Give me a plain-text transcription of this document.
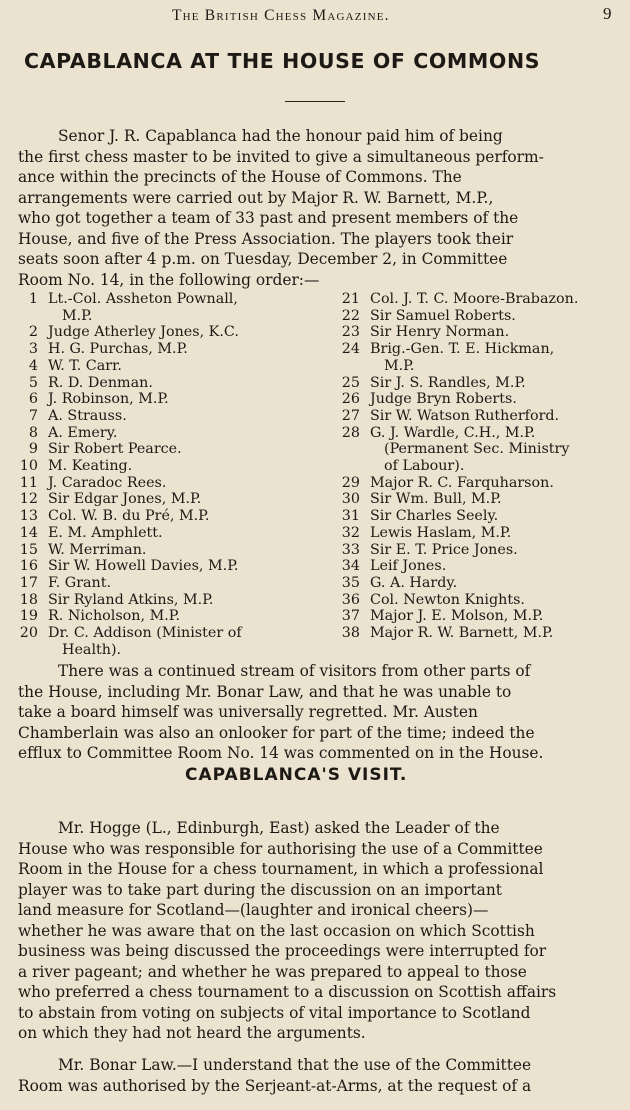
The British Chess Magazine.	9
CAPABLANCA AT THE HOUSE OF COMMONS
Senor J. R. Capablanca had the honour paid him of being
the first chess master to be invited to give a simultaneous perform-
ance within the precincts of the House of Commons. The
arrangements were carried out by Major R. W. Barnett, M.P.,
who got together a team of 33 past and present members of the
House, and five of the Press Association. The players took their
seats soon after 4 p.m. on Tuesday, December 2, in Committee
Room No. 14, in the following order:—
1 Lt.-Col. Assheton Pownall,
M.P.
2 Judge Atherley Jones, K.C.
3 H. G. Purchas, M.P.
4 W. T. Carr.
5 R. D. Denman.
6 J. Robinson, M.P.
7 A. Strauss.
8 A. Emery.
9 Sir Robert Pearce.
10 M. Keating.
11 J. Caradoc Rees.
12 Sir Edgar Jones, M.P.
13 Col. W. B. du Pré, M.P.
14 E. M. Amphlett.
15 W. Merriman.
16 Sir W. Howell Davies, M.P.
17 F. Grant.
18 Sir Ryland Atkins, M.P.
19 R. Nicholson, M.P.
20 Dr. C. Addison (Minister of
Health).
21 Col. J. T. C. Moore-Brabazon.
22 Sir Samuel Roberts.
23 Sir Henry Norman.
24 Brig.-Gen. T. E. Hickman,
M.P.
25 Sir J. S. Randles, M.P.
26 Judge Bryn Roberts.
27 Sir W. Watson Rutherford.
28 G. J. Wardle, C.H., M.P.
(Permanent Sec. Ministry
of Labour).
29 Major R. C. Farquharson.
30 Sir Wm. Bull, M.P.
31 Sir Charles Seely.
32 Lewis Haslam, M.P.
33 Sir E. T. Price Jones.
34 Leif Jones.
35 G. A. Hardy.
36 Col. Newton Knights.
37 Major J. E. Molson, M.P.
38 Major R. W. Barnett, M.P.
There was a continued stream of visitors from other parts of
the House, including Mr. Bonar Law, and that he was unable to
take a board himself was universally regretted. Mr. Austen
Chamberlain was also an onlooker for part of the time; indeed the
efflux to Committee Room No. 14 was commented on in the House.
CAPABLANCA'S VISIT.
Mr. Hogge (L., Edinburgh, East) asked the Leader of the
House who was responsible for authorising the use of a Committee
Room in the House for a chess tournament, in which a professional
player was to take part during the discussion on an important
land measure for Scotland—(laughter and ironical cheers)—
whether he was aware that on the last occasion on which Scottish
business was being discussed the proceedings were interrupted for
a river pageant; and whether he was prepared to appeal to those
who preferred a chess tournament to a discussion on Scottish affairs
to abstain from voting on subjects of vital importance to Scotland
on which they had not heard the arguments.
Mr. Bonar Law.—I understand that the use of the Committee
Room was authorised by the Serjeant-at-Arms, at the request of a
